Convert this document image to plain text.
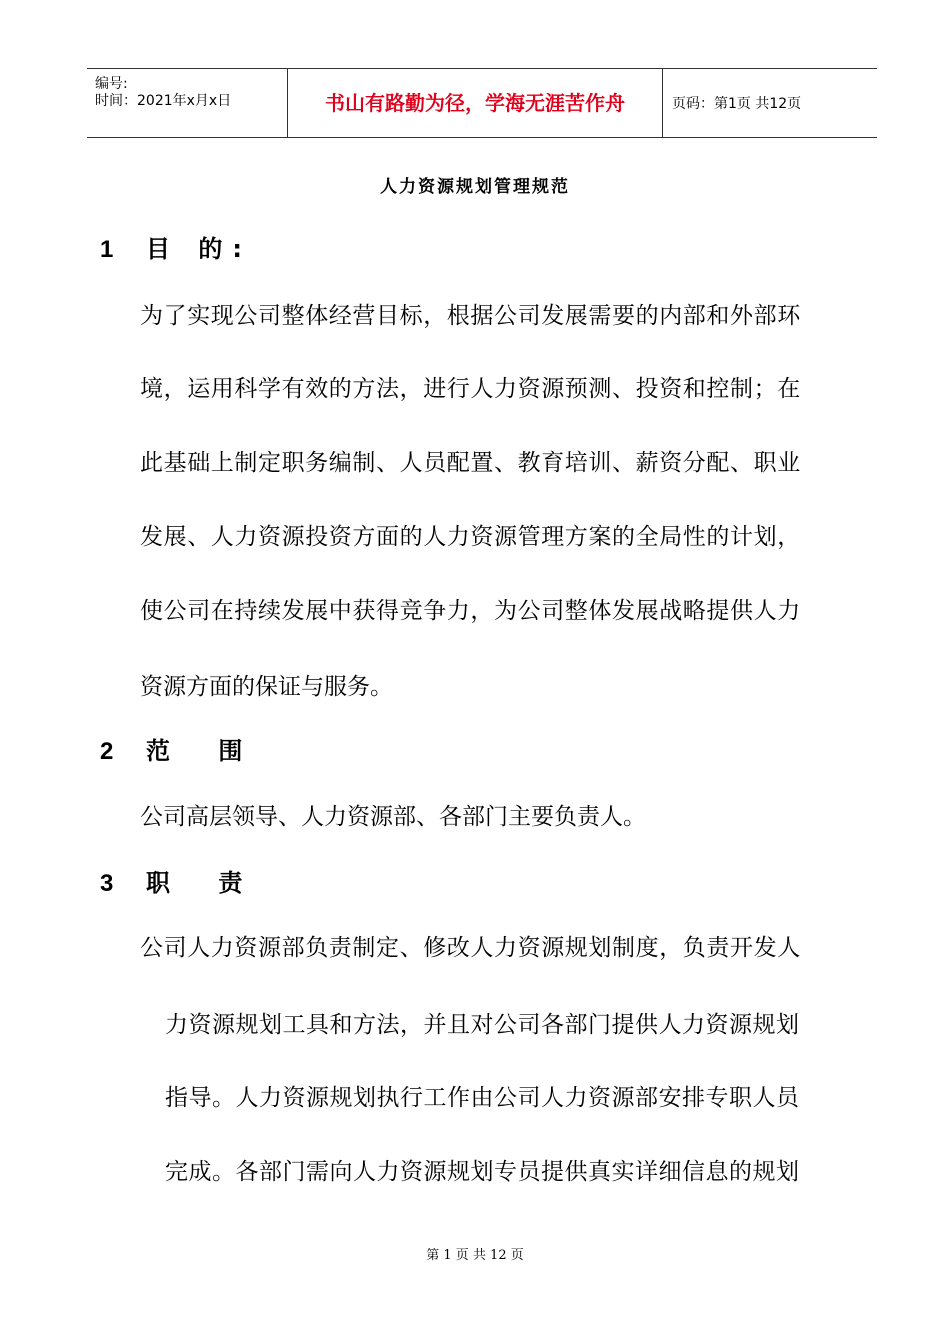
编号:
时间：2021年x月x日	书山有路勤为径，学海无涯苦作舟	页码：第1页 共12页
人力资源规划管理规范
1 目 的:
为了实现公司整体经营目标，根据公司发展需要的内部和外部环
境，运用科学有效的方法，进行人力资源预测、投资和控制；在
此基础上制定职务编制、人员配置、教育培训、薪资分配、职业
发展、人力资源投资方面的人力资源管理方案的全局性的计划，
使公司在持续发展中获得竞争力，为公司整体发展战略提供人力
资源方面的保证与服务。
2 范 围
公司高层领导、人力资源部、各部门主要负责人。
3 职 责
公司人力资源部负责制定、修改人力资源规划制度，负责开发人
力资源规划工具和方法，并且对公司各部门提供人力资源规划
指导。人力资源规划执行工作由公司人力资源部安排专职人员
完成。各部门需向人力资源规划专员提供真实详细信息的规划
第 1 页 共 12 页
